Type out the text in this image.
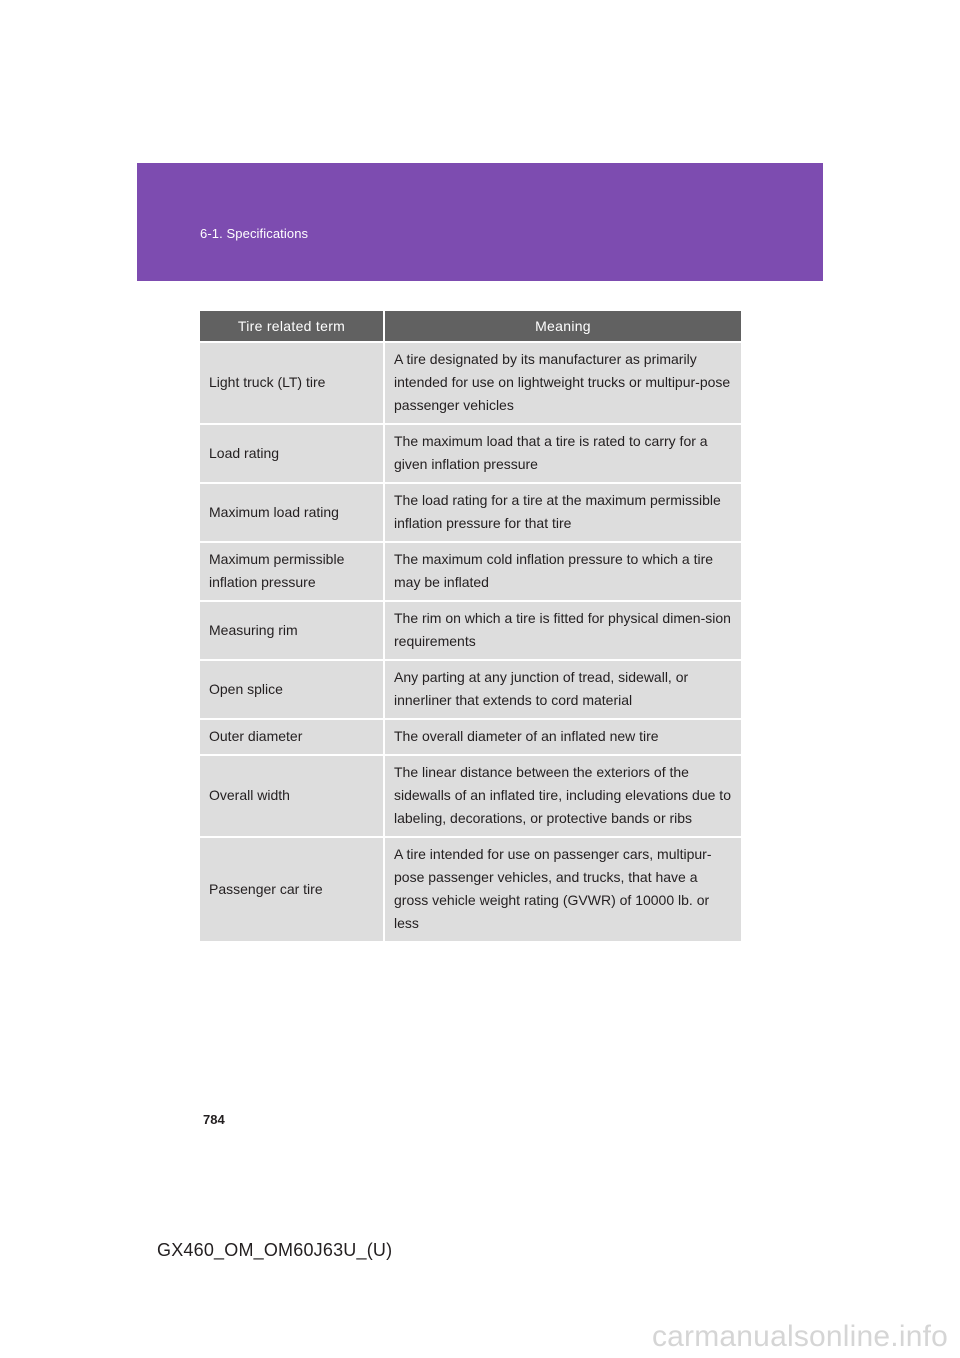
6-1. Specifications
Tire related term	Meaning
Light truck (LT) tire	A tire designated by its manufacturer as primarily intended for use on lightweight trucks or multipur-pose passenger vehicles
Load rating	The maximum load that a tire is rated to carry for a given inflation pressure
Maximum load rating	The load rating for a tire at the maximum permissible inflation pressure for that tire
Maximum permissible inflation pressure	The maximum cold inflation pressure to which a tire may be inflated
Measuring rim	The rim on which a tire is fitted for physical dimen-sion requirements
Open splice	Any parting at any junction of tread, sidewall, or innerliner that extends to cord material
Outer diameter	The overall diameter of an inflated new tire
Overall width	The linear distance between the exteriors of the sidewalls of an inflated tire, including elevations due to labeling, decorations, or protective bands or ribs
Passenger car tire	A tire intended for use on passenger cars, multipur-pose passenger vehicles, and trucks, that have a gross vehicle weight rating (GVWR) of 10000 lb. or less
784
GX460_OM_OM60J63U_(U)
carmanualsonline.info
